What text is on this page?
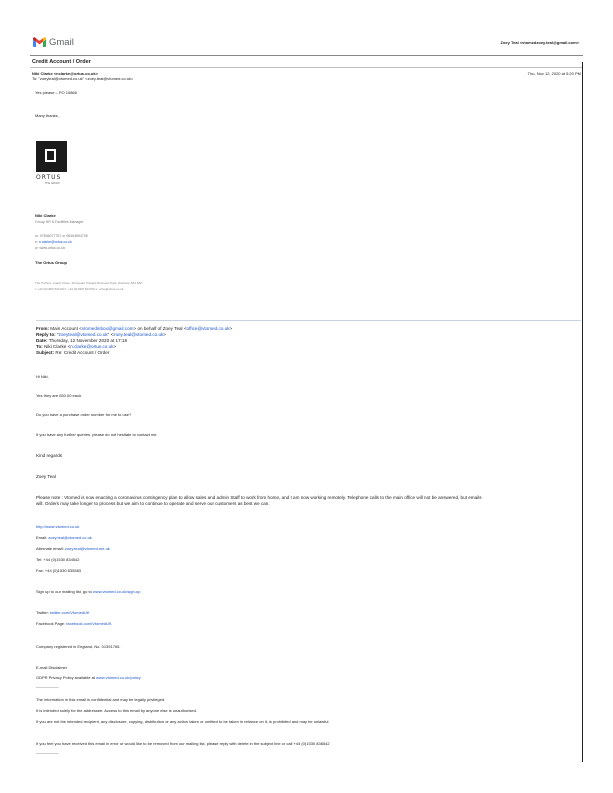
Gmail	Zoey Teal <vtomedzoey.teal@gmail.com>
Credit Account / Order
Niki Clarke <nclarke@ortus.co.uk>
To: "zoeyteal@vtomed.co.uk" <zoey.teal@vtomed.co.uk>
Thu, Nov 12, 2020 at 5:20 PM
Yes please – PO 10866
Many thanks,
ORTUS
THE GROUP
Niki Clarke
Group HR & Facilities Manager
m: 07846077787 or 08454594705
e: n.clarke@ortus.co.uk
w: www.ortus.co.uk
The Ortus Group
The Turbine, Coach Close, Shireoaks Triangle Business Park, Worksop S81 8AP
t: +44 (0)1909 521100 f: +44 (0)1909 524700 e: ortus@ortus.co.uk
From: Main Account <vtomedinbox@gmail.com> on behalf of Zoey Teal <office@vtomed.co.uk>
Reply to: "zoeyteal@vtomed.co.uk" <zoey.teal@vtomed.co.uk>
Date: Thursday, 12 November 2020 at 17:18
To: Niki Clarke <n.clarke@ortus.co.uk>
Subject: Re: Credit Account / Order
Hi Niki,
Yes they are £50.00 each.
Do you have a purchase order number for me to use?
If you have any further queries, please do not hesitate to contact me.
Kind regards
Zoey Teal
Please note : Vtomed is now enacting a coronavirus contingency plan to allow sales and admin Staff to work from home, and I am now working remotely. Telephone calls to the main office will not be answered, but emails
will. Orders may take longer to process but we aim to continue to operate and serve our customers as best we can.
http://www.vtomed.co.uk
Email: zoey.teal@vtomed.co.uk
Alternate email: zoey.teal@vtomed.me.uk
Tel: +44 (0)1530 834542
Fax: +44 (0)1530 835583
Sign up to our mailing list, go to www.vtomed.co.uk/sign-up
Twitter: twitter.com/VtomedUK
Facebook Page: facebook.com/VtomedUK
Company registered in England, No. 01391765.
E-mail Disclaimer
GDPR Privacy Policy available at www.vtomed.co.uk/policy
-----------------
The information in this email is confidential and may be legally privileged.
It is intended solely for the addressee. Access to this email by anyone else is unauthorised.
If you are not the intended recipient, any disclosure, copying, distribution or any action taken or omitted to be taken in reliance on it, is prohibited and may be unlawful.
If you feel you have received this email in error or would like to be removed from our mailing list, please reply with delete in the subject line or call +44 (0)1530 836542
-----------------
